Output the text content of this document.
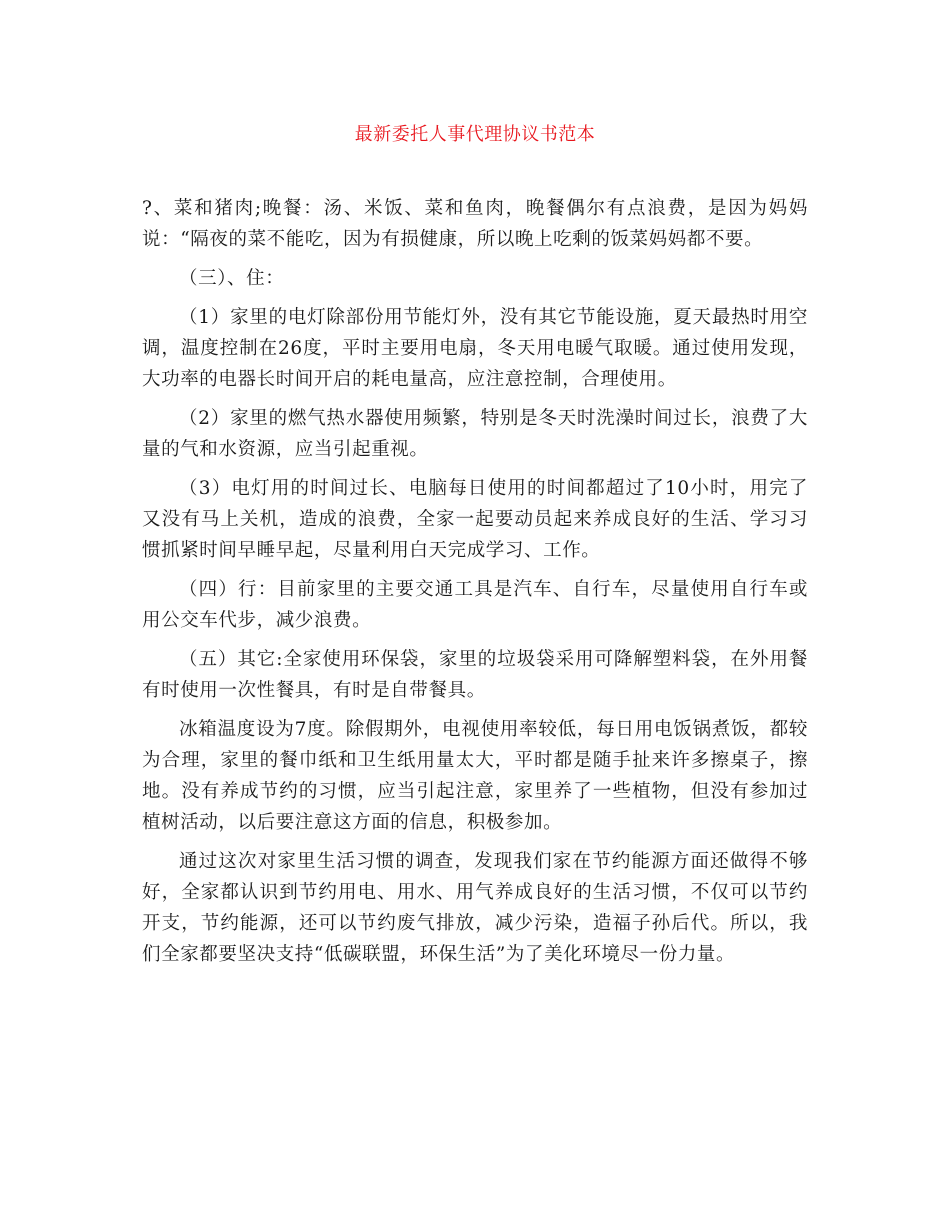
最新委托人事代理协议书范本

?、菜和猪肉;晚餐：汤、米饭、菜和鱼肉，晚餐偶尔有点浪费，是因为妈妈说：“隔夜的菜不能吃，因为有损健康，所以晚上吃剩的饭菜妈妈都不要。

（三）、住：

（1）家里的电灯除部份用节能灯外，没有其它节能设施，夏天最热时用空调，温度控制在26度，平时主要用电扇，冬天用电暖气取暖。通过使用发现，大功率的电器长时间开启的耗电量高，应注意控制，合理使用。

（2）家里的燃气热水器使用频繁，特别是冬天时洗澡时间过长，浪费了大量的气和水资源，应当引起重视。

（3）电灯用的时间过长、电脑每日使用的时间都超过了10小时，用完了又没有马上关机，造成的浪费，全家一起要动员起来养成良好的生活、学习习惯抓紧时间早睡早起，尽量利用白天完成学习、工作。

（四）行：目前家里的主要交通工具是汽车、自行车，尽量使用自行车或用公交车代步，减少浪费。

（五）其它:全家使用环保袋，家里的垃圾袋采用可降解塑料袋，在外用餐有时使用一次性餐具，有时是自带餐具。

冰箱温度设为7度。除假期外，电视使用率较低，每日用电饭锅煮饭，都较为合理，家里的餐巾纸和卫生纸用量太大，平时都是随手扯来许多擦桌子，擦地。没有养成节约的习惯，应当引起注意，家里养了一些植物，但没有参加过植树活动，以后要注意这方面的信息，积极参加。

通过这次对家里生活习惯的调查，发现我们家在节约能源方面还做得不够好，全家都认识到节约用电、用水、用气养成良好的生活习惯，不仅可以节约开支，节约能源，还可以节约废气排放，减少污染，造福子孙后代。所以，我们全家都要坚决支持“低碳联盟，环保生活”为了美化环境尽一份力量。
